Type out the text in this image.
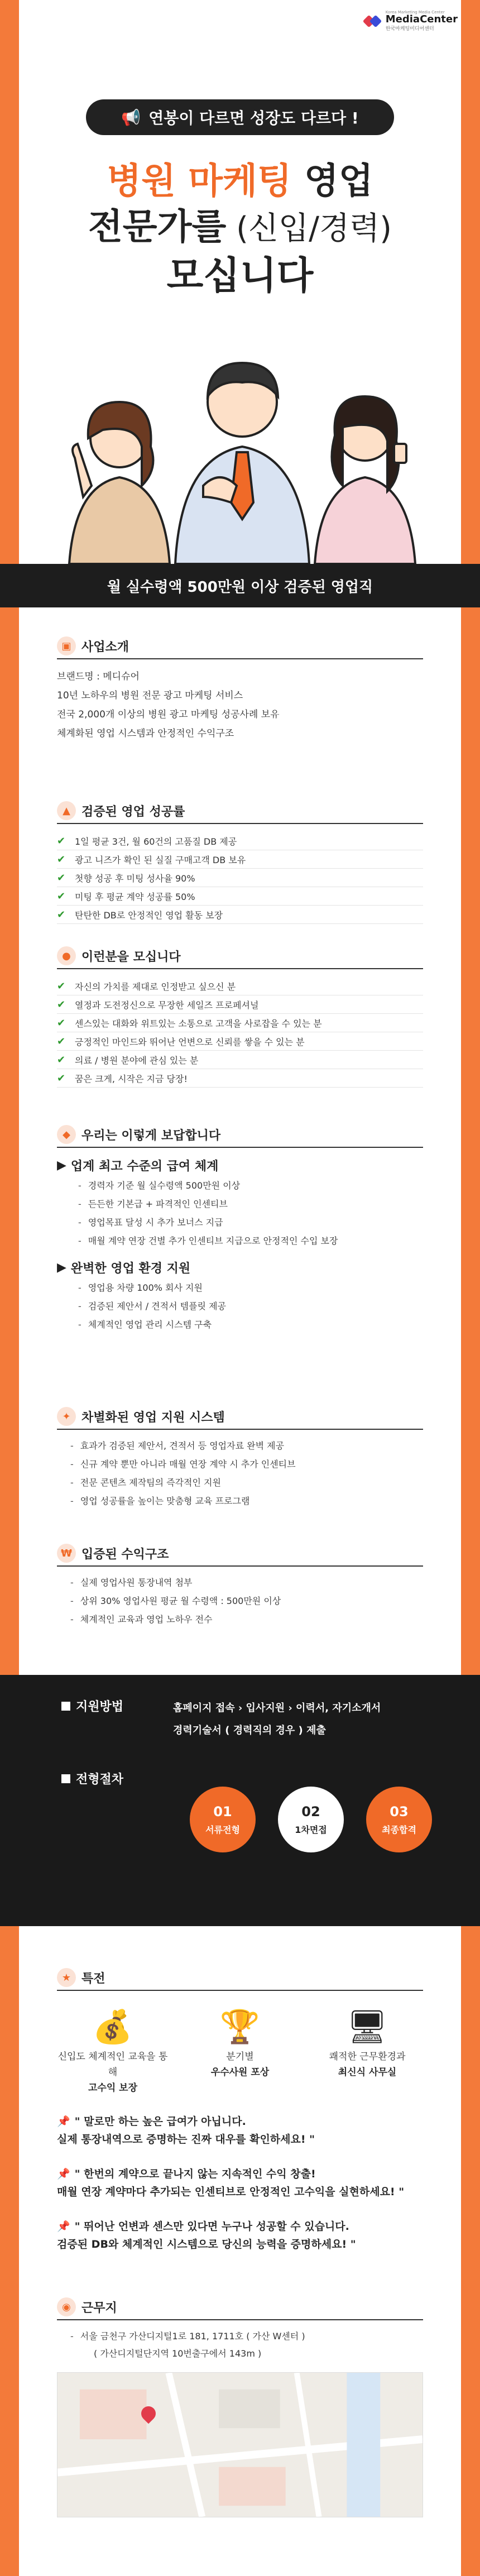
Korea Marketing Media Center
MediaCenter
한국마케팅미디어센터
📢 연봉이 다르면 성장도 다르다 !
병원 마케팅 영업
전문가를 (신입/경력)
모십니다
월 실수령액 500만원 이상 검증된 영업직
▣ 사업소개
브랜드명 : 메디슈어
10년 노하우의 병원 전문 광고 마케팅 서비스
전국 2,000개 이상의 병원 광고 마케팅 성공사례 보유
체계화된 영업 시스템과 안정적인 수익구조
▲ 검증된 영업 성공률
✔	1일 평균 3건, 월 60건의 고품질 DB 제공
✔	광고 니즈가 확인 된 실질 구매고객 DB 보유
✔	첫향 성공 후 미팅 성사율 90%
✔	미팅 후 평균 계약 성공률 50%
✔	탄탄한 DB로 안정적인 영업 활동 보장
● 이런분을 모십니다
✔	자신의 가치를 제대로 인정받고 싶으신 분
✔	열정과 도전정신으로 무장한 세일즈 프로페셔널
✔	센스있는 대화와 위트있는 소통으로 고객을 사로잡을 수 있는 분
✔	긍정적인 마인드와 뛰어난 언변으로 신뢰를 쌓을 수 있는 분
✔	의료 / 병원 분야에 관심 있는 분
✔	꿈은 크게, 시작은 지금 당장!
◆ 우리는 이렇게 보답합니다
▶ 업계 최고 수준의 급여 체계
- 경력자 기준 월 실수령액 500만원 이상
- 든든한 기본급 + 파격적인 인센티브
- 영업목표 달성 시 추가 보너스 지급
- 매월 계약 연장 건별 추가 인센티브 지급으로 안정적인 수입 보장
▶ 완벽한 영업 환경 지원
- 영업용 차량 100% 회사 지원
- 검증된 제안서 / 견적서 템플릿 제공
- 체계적인 영업 관리 시스템 구축
✦ 차별화된 영업 지원 시스템
- 효과가 검증된 제안서, 견적서 등 영업자료 완벽 제공
- 신규 계약 뿐만 아니라 매월 연장 계약 시 추가 인센티브
- 전문 콘텐츠 제작팀의 즉각적인 지원
- 영업 성공률을 높이는 맞춤형 교육 프로그램
₩ 입증된 수익구조
- 실제 영업사원 통장내역 첨부
- 상위 30% 영업사원 평균 월 수령액 : 500만원 이상
- 체계적인 교육과 영업 노하우 전수
지원방법	홈페이지 접속 › 입사지원 › 이력서, 자기소개서
경력기술서 ( 경력직의 경우 ) 제출
전형절차
01
서류전형
02
1차면접
03
최종합격
★ 특전
💰
신입도 체계적인 교육을 통해
고수익 보장
🏆
분기별
우수사원 포상
🖥
쾌적한 근무환경과
최신식 사무실
📌 " 말로만 하는 높은 급여가 아닙니다.
실제 통장내역으로 증명하는 진짜 대우를 확인하세요! "
📌 " 한번의 계약으로 끝나지 않는 지속적인 수익 창출!
매월 연장 계약마다 추가되는 인센티브로 안정적인 고수익을 실현하세요! "
📌 " 뛰어난 언변과 센스만 있다면 누구나 성공할 수 있습니다.
검증된 DB와 체계적인 시스템으로 당신의 능력을 증명하세요! "
◉ 근무지
- 서울 금천구 가산디지털1로 181, 1711호 ( 가산 W센터 )
( 가산디지털단지역 10번출구에서 143m )
